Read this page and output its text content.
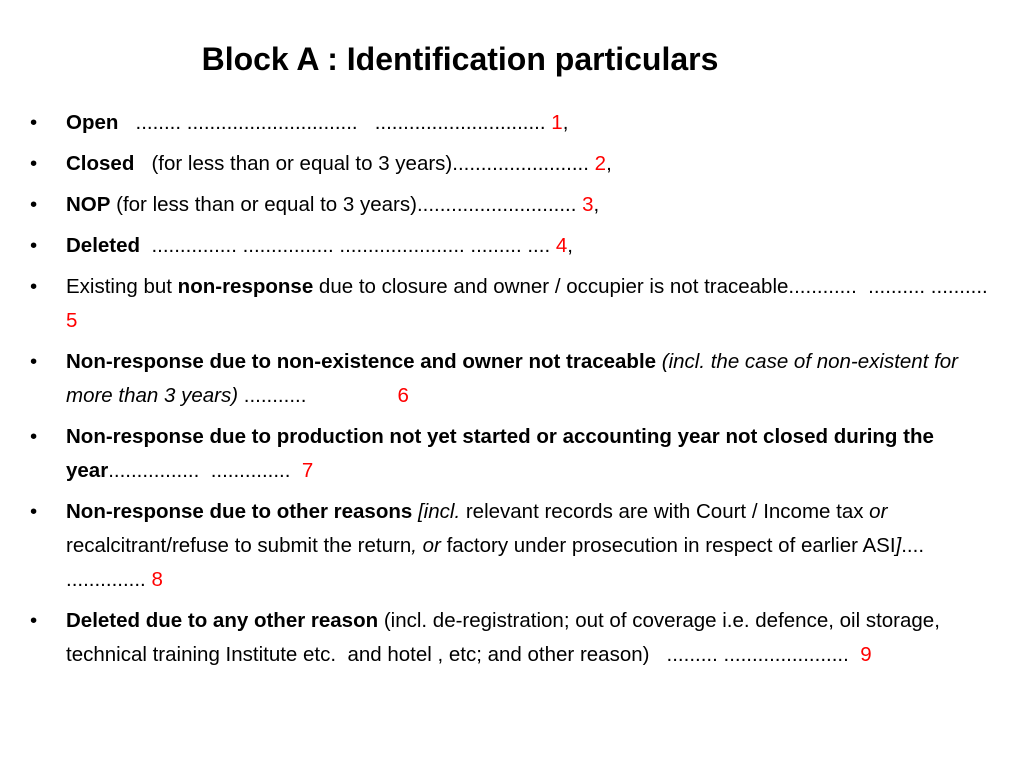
Block A : Identification particulars
•	Open   ........ ..............................   .............................. 1,
•	Closed   (for less than or equal to 3 years)........................ 2,
•	NOP (for less than or equal to 3 years)............................ 3,
•	Deleted  ............... ................ ...................... ......... .... 4,
•	Existing but non-response due to closure and owner / occupier is not traceable............  .......... ..........  5
•	Non-response due to non-existence and owner not traceable (incl. the case of non-existent for more than 3 years) ...........                6
•	Non-response due to production not yet started or accounting year not closed during the year................  ..............  7
•	Non-response due to other reasons [incl. relevant records are with Court / Income tax or recalcitrant/refuse to submit the return, or factory under prosecution in respect of earlier ASI].... .............. 8
•	Deleted due to any other reason (incl. de-registration; out of coverage i.e. defence, oil storage, technical training Institute etc.  and hotel , etc; and other reason)   ......... ......................  9
